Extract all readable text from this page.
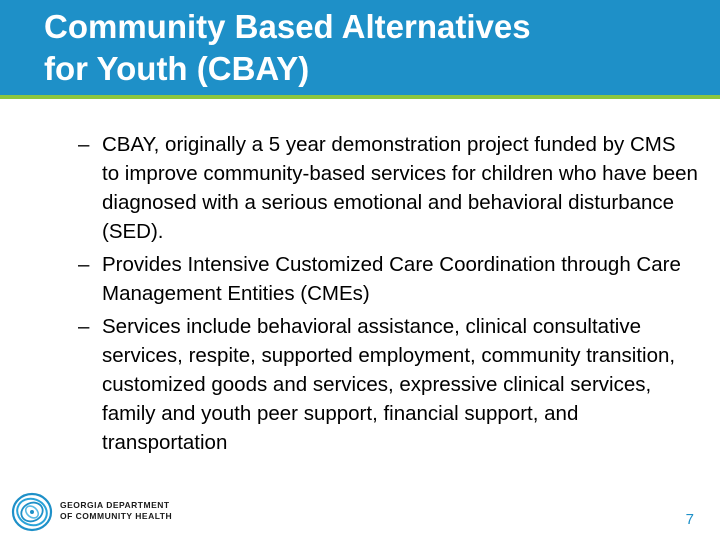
Community Based Alternatives
for Youth (CBAY)
– CBAY, originally a 5 year demonstration project funded by CMS to improve community-based services for children who have been diagnosed with a serious emotional and behavioral disturbance (SED).
– Provides Intensive Customized Care Coordination through Care Management Entities (CMEs)
– Services include behavioral assistance, clinical consultative services, respite, supported employment, community transition, customized goods and services, expressive clinical services, family and youth peer support, financial support, and transportation
GEORGIA DEPARTMENT
OF COMMUNITY HEALTH	7
